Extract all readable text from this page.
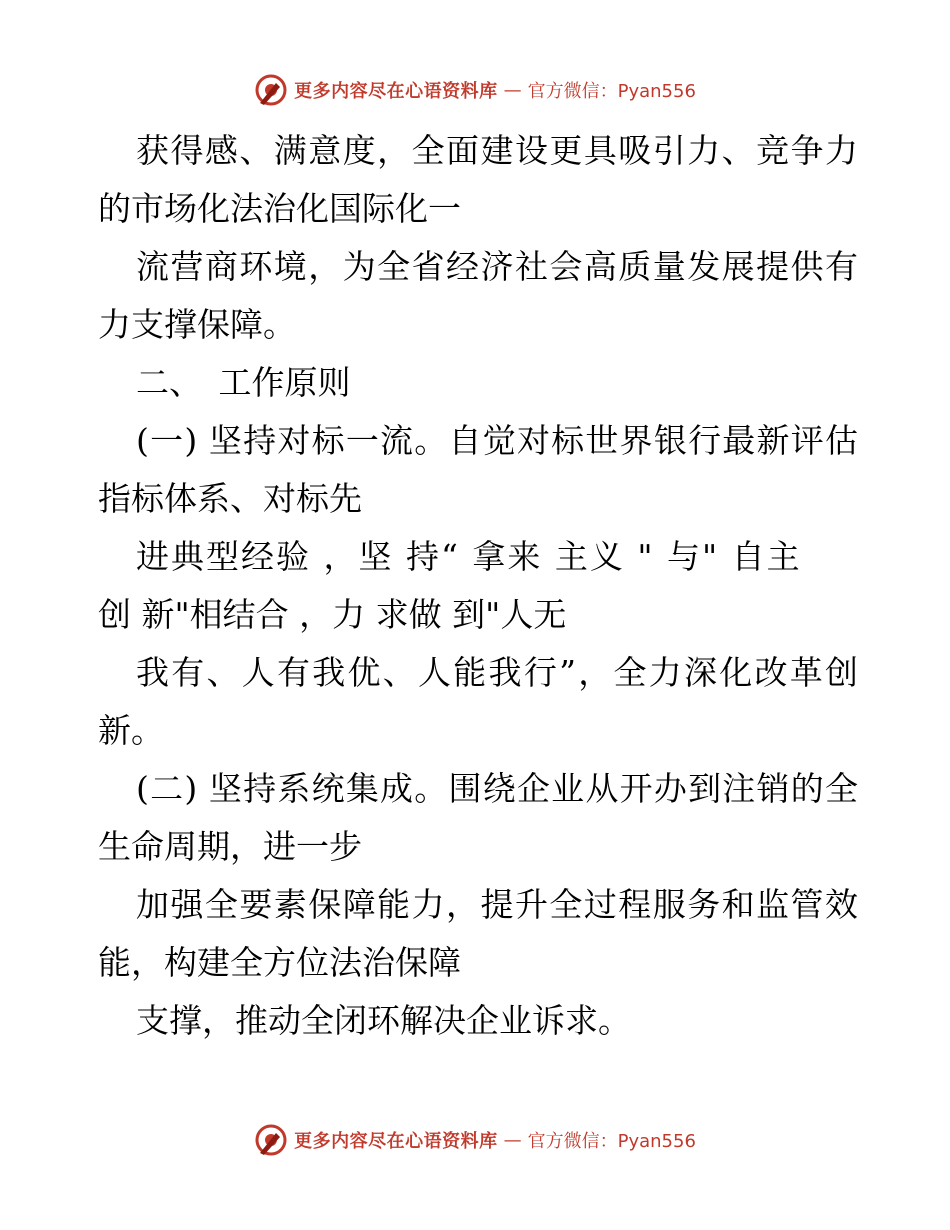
更多内容尽在心语资料库 — 官方微信：Pyan556
获得感、满意度，全面建设更具吸引力、竞争力
的市场化法治化国际化一
流营商环境，为全省经济社会高质量发展提供有
力支撑保障。
二、　工作原则
(一) 坚持对标一流。自觉对标世界银行最新评估
指标体系、对标先
进典型经验 ，坚 持“ 拿来 主义 " 与" 自主
创 新"相结合 ，力 求做 到"人无
我有、人有我优、人能我行”，全力深化改革创
新。
(二) 坚持系统集成。围绕企业从开办到注销的全
生命周期，进一步
加强全要素保障能力，提升全过程服务和监管效
能，构建全方位法治保障
支撑，推动全闭环解决企业诉求。
更多内容尽在心语资料库 — 官方微信：Pyan556
